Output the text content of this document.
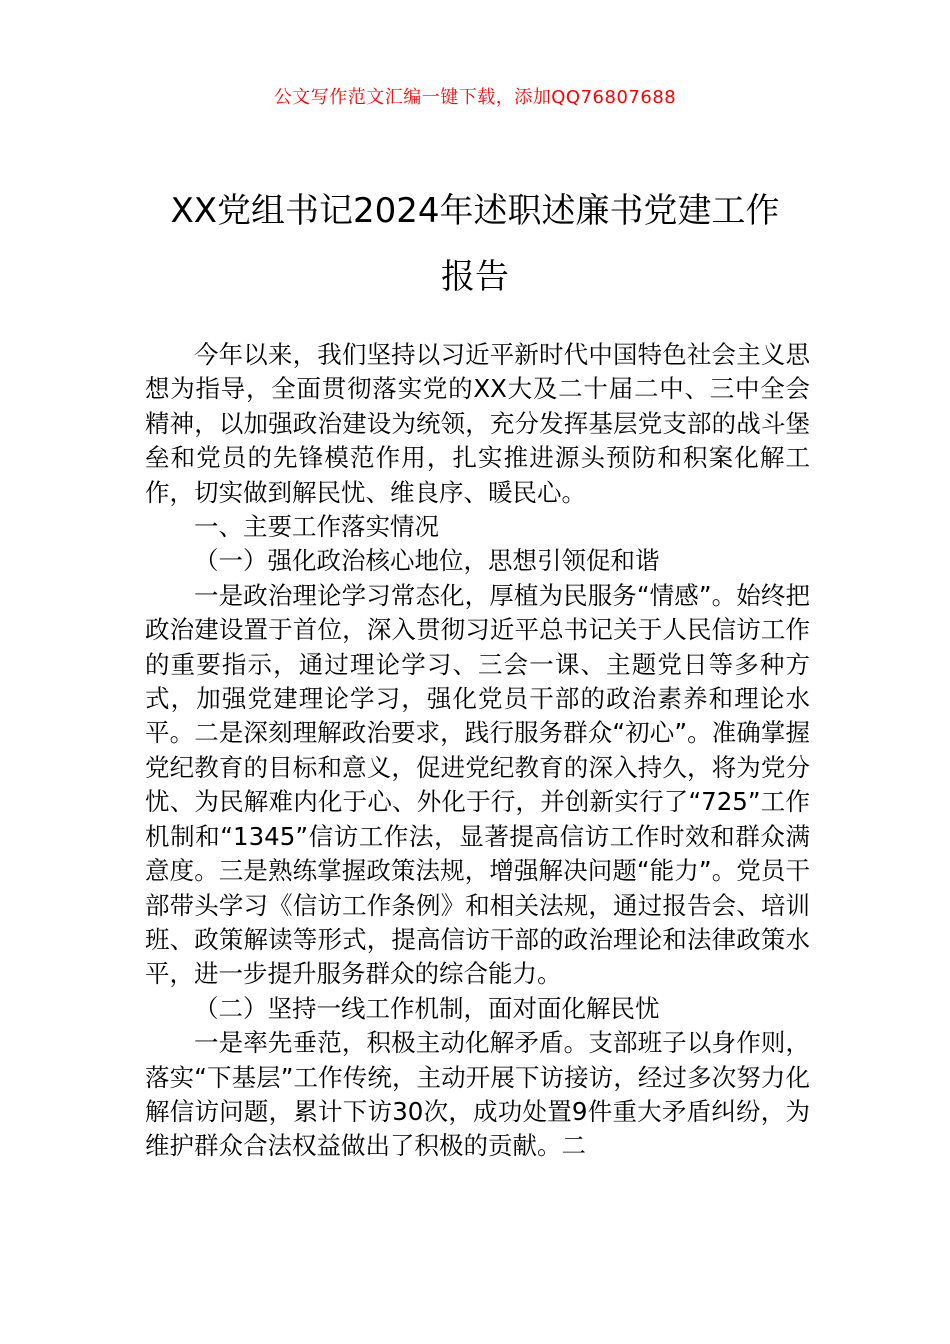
公文写作范文汇编一键下载，添加QQ76807688
XX党组书记2024年述职述廉书党建工作
报告

今年以来，我们坚持以习近平新时代中国特色社会主义思想为指导，全面贯彻落实党的XX大及二十届二中、三中全会精神，以加强政治建设为统领，充分发挥基层党支部的战斗堡垒和党员的先锋模范作用，扎实推进源头预防和积案化解工作，切实做到解民忧、维良序、暖民心。

一、主要工作落实情况

（一）强化政治核心地位，思想引领促和谐

一是政治理论学习常态化，厚植为民服务“情感”。始终把政治建设置于首位，深入贯彻习近平总书记关于人民信访工作的重要指示，通过理论学习、三会一课、主题党日等多种方式，加强党建理论学习，强化党员干部的政治素养和理论水平。二是深刻理解政治要求，践行服务群众“初心”。准确掌握党纪教育的目标和意义，促进党纪教育的深入持久，将为党分忧、为民解难内化于心、外化于行，并创新实行了“725”工作机制和“1345”信访工作法，显著提高信访工作时效和群众满意度。三是熟练掌握政策法规，增强解决问题“能力”。党员干部带头学习《信访工作条例》和相关法规，通过报告会、培训班、政策解读等形式，提高信访干部的政治理论和法律政策水平，进一步提升服务群众的综合能力。

（二）坚持一线工作机制，面对面化解民忧

一是率先垂范，积极主动化解矛盾。支部班子以身作则，落实“下基层”工作传统，主动开展下访接访，经过多次努力化解信访问题，累计下访30次，成功处置9件重大矛盾纠纷，为维护群众合法权益做出了积极的贡献。二
